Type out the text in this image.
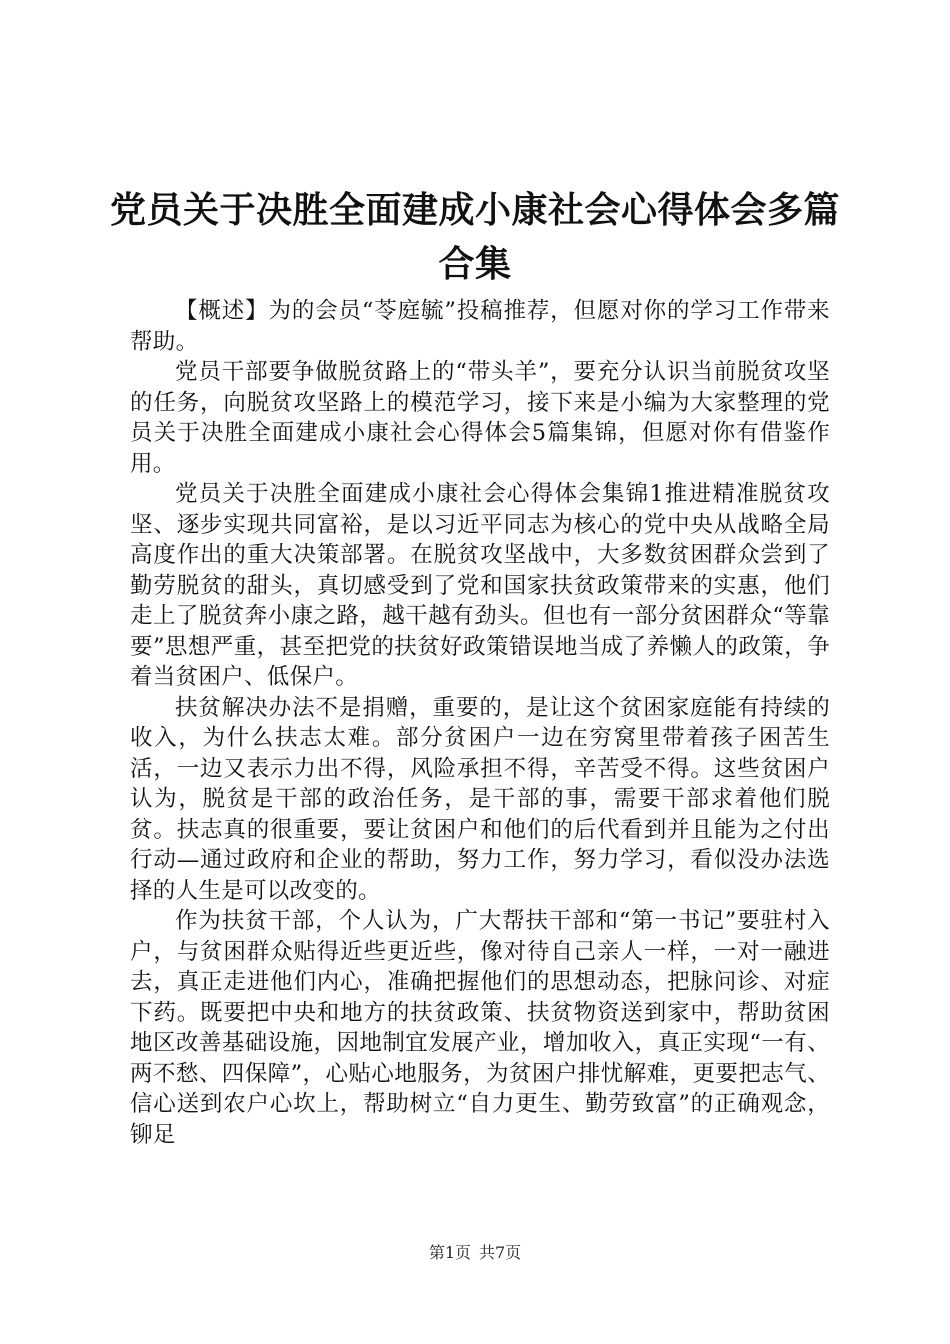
党员关于决胜全面建成小康社会心得体会多篇合集

【概述】为的会员“苓庭毓”投稿推荐，但愿对你的学习工作带来帮助。

党员干部要争做脱贫路上的“带头羊”，要充分认识当前脱贫攻坚的任务，向脱贫攻坚路上的模范学习，接下来是小编为大家整理的党员关于决胜全面建成小康社会心得体会5篇集锦，但愿对你有借鉴作用。

党员关于决胜全面建成小康社会心得体会集锦1推进精准脱贫攻坚、逐步实现共同富裕，是以习近平同志为核心的党中央从战略全局高度作出的重大决策部署。在脱贫攻坚战中，大多数贫困群众尝到了勤劳脱贫的甜头，真切感受到了党和国家扶贫政策带来的实惠，他们走上了脱贫奔小康之路，越干越有劲头。但也有一部分贫困群众“等靠要”思想严重，甚至把党的扶贫好政策错误地当成了养懒人的政策，争着当贫困户、低保户。

扶贫解决办法不是捐赠，重要的，是让这个贫困家庭能有持续的收入，为什么扶志太难。部分贫困户一边在穷窝里带着孩子困苦生活，一边又表示力出不得，风险承担不得，辛苦受不得。这些贫困户认为，脱贫是干部的政治任务，是干部的事，需要干部求着他们脱贫。扶志真的很重要，要让贫困户和他们的后代看到并且能为之付出行动—通过政府和企业的帮助，努力工作，努力学习，看似没办法选择的人生是可以改变的。

作为扶贫干部，个人认为，广大帮扶干部和“第一书记”要驻村入户，与贫困群众贴得近些更近些，像对待自己亲人一样，一对一融进去，真正走进他们内心，准确把握他们的思想动态，把脉问诊、对症下药。既要把中央和地方的扶贫政策、扶贫物资送到家中，帮助贫困地区改善基础设施，因地制宜发展产业，增加收入，真正实现“一有、两不愁、四保障”，心贴心地服务，为贫困户排忧解难，更要把志气、信心送到农户心坎上，帮助树立“自力更生、勤劳致富”的正确观念，铆足

第1页 共7页
